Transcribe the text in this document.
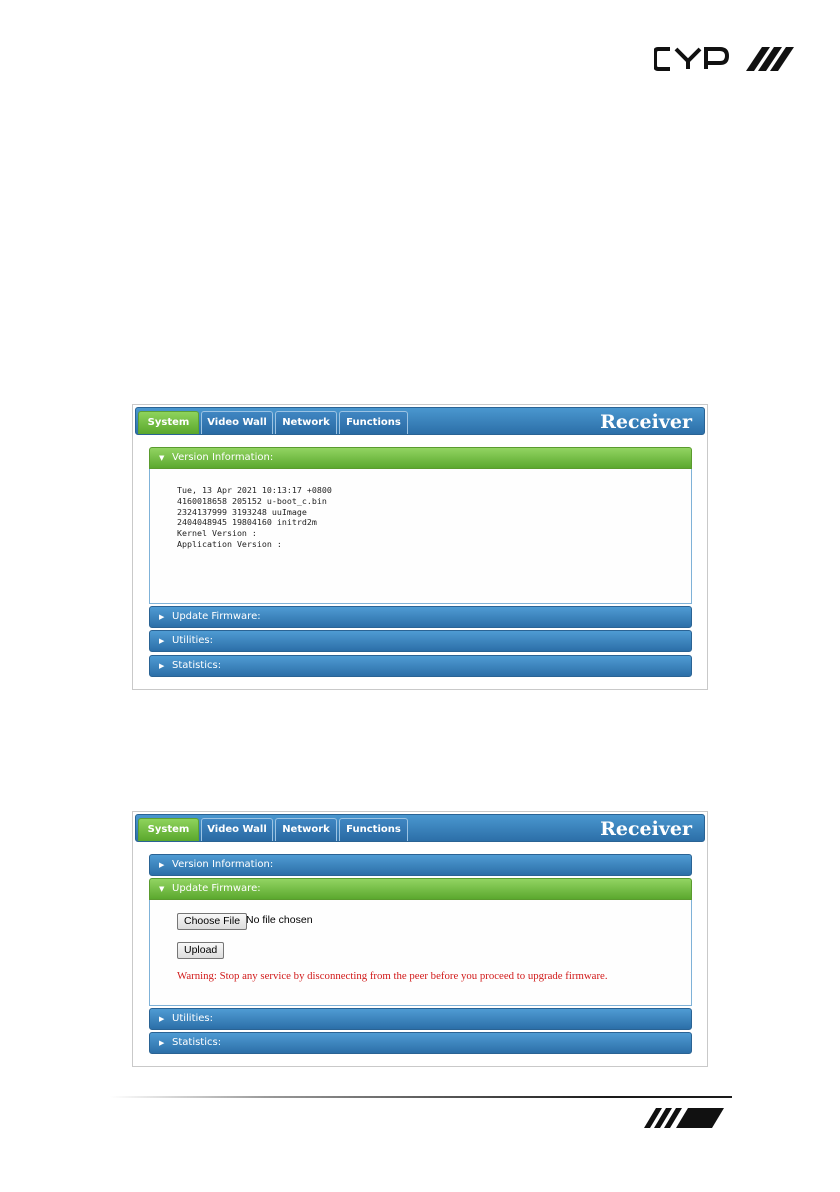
System	Video Wall	Network	Functions	Receiver
▼ Version Information:
Tue, 13 Apr 2021 10:13:17 +0800
4160018658 205152 u-boot_c.bin
2324137999 3193248 uuImage
2404048945 19804160 initrd2m
Kernel Version :
Application Version :
▶ Update Firmware:
▶ Utilities:
▶ Statistics:
System	Video Wall	Network	Functions	Receiver
▶ Version Information:
▼ Update Firmware:
Choose File No file chosen
Upload
Warning: Stop any service by disconnecting from the peer before you proceed to upgrade firmware.
▶ Utilities:
▶ Statistics:
